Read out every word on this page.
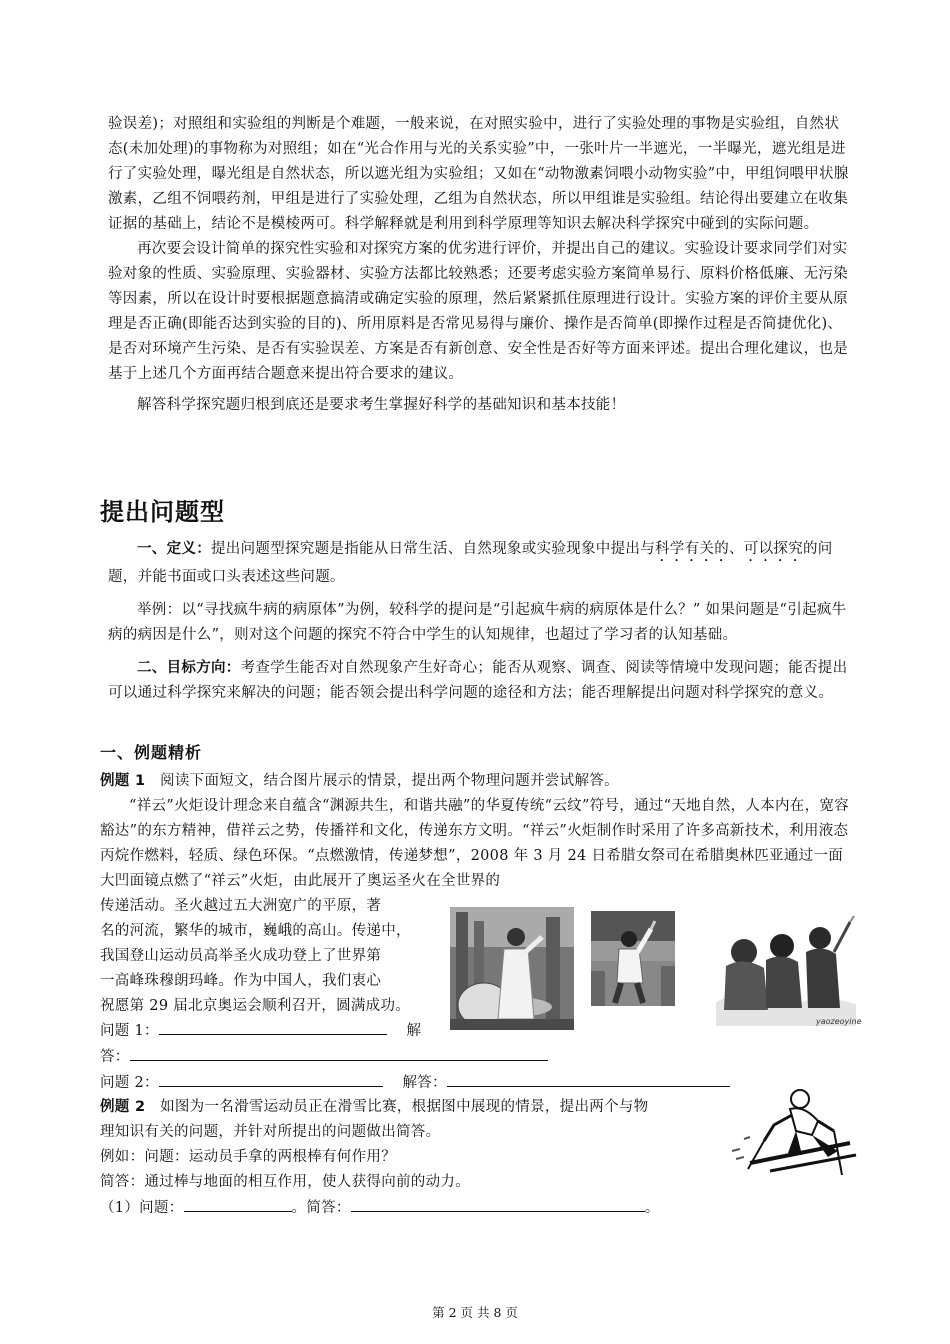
验误差)；对照组和实验组的判断是个难题，一般来说，在对照实验中，进行了实验处理的事物是实验组，自然状态(未加处理)的事物称为对照组；如在“光合作用与光的关系实验”中，一张叶片一半遮光，一半曝光，遮光组是进行了实验处理，曝光组是自然状态，所以遮光组为实验组；又如在“动物激素饲喂小动物实验”中，甲组饲喂甲状腺激素，乙组不饲喂药剂，甲组是进行了实验处理，乙组为自然状态，所以甲组谁是实验组。结论得出要建立在收集证据的基础上，结论不是模棱两可。科学解释就是利用到科学原理等知识去解决科学探究中碰到的实际问题。

再次要会设计简单的探究性实验和对探究方案的优劣进行评价，并提出自己的建议。实验设计要求同学们对实验对象的性质、实验原理、实验器材、实验方法都比较熟悉；还要考虑实验方案简单易行、原料价格低廉、无污染等因素，所以在设计时要根据题意搞清或确定实验的原理，然后紧紧抓住原理进行设计。实验方案的评价主要从原理是否正确(即能否达到实验的目的)、所用原料是否常见易得与廉价、操作是否简单(即操作过程是否简捷优化)、是否对环境产生污染、是否有实验误差、方案是否有新创意、安全性是否好等方面来评述。提出合理化建议，也是基于上述几个方面再结合题意来提出符合要求的建议。

解答科学探究题归根到底还是要求考生掌握好科学的基础知识和基本技能！

提出问题型

一、定义：提出问题型探究题是指能从日常生活、自然现象或实验现象中提出与科学有关的、可以探究的问题，并能书面或口头表述这些问题。

举例：以“寻找疯牛病的病原体”为例，较科学的提问是“引起疯牛病的病原体是什么？” 如果问题是“引起疯牛病的病因是什么”，则对这个问题的探究不符合中学生的认知规律，也超过了学习者的认知基础。

二、目标方向：考查学生能否对自然现象产生好奇心；能否从观察、调查、阅读等情境中发现问题；能否提出可以通过科学探究来解决的问题；能否领会提出科学问题的途径和方法；能否理解提出问题对科学探究的意义。

一、例题精析

例题 1 阅读下面短文，结合图片展示的情景，提出两个物理问题并尝试解答。

“祥云”火炬设计理念来自蕴含“渊源共生，和谐共融”的华夏传统“云纹”符号，通过“天地自然，人本内在，宽容豁达”的东方精神，借祥云之势，传播祥和文化，传递东方文明。“祥云”火炬制作时采用了许多高新技术，利用液态丙烷作燃料，轻质、绿色环保。“点燃激情，传递梦想”，2008 年 3 月 24 日希腊女祭司在希腊奥林匹亚通过一面大凹面镜点燃了“祥云”火炬，由此展开了奥运圣火在全世界的

传递活动。圣火越过五大洲宽广的平原，著

名的河流，繁华的城市，巍峨的高山。传递中，

我国登山运动员高举圣火成功登上了世界第

一高峰珠穆朗玛峰。作为中国人，我们衷心

祝愿第 29 届北京奥运会顺利召开，圆满成功。

问题 1：	解
答：
问题 2：	解答：
yaozeoyine

例题 2 如图为一名滑雪运动员正在滑雪比赛，根据图中展现的情景，提出两个与物

理知识有关的问题，并针对所提出的问题做出简答。

例如：问题：运动员手拿的两根棒有何作用？

简答：通过棒与地面的相互作用，使人获得向前的动力。

（1）问题：	。简答：	。

第 2 页 共 8 页
